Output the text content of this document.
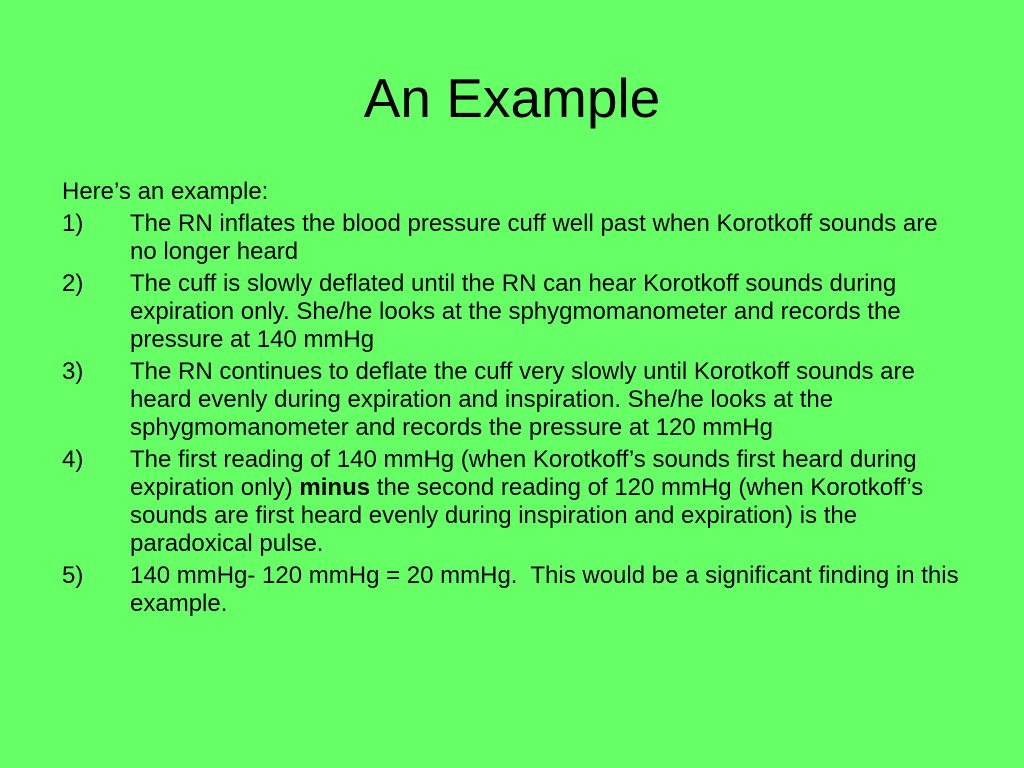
An Example
Here’s an example:
1)	The RN inflates the blood pressure cuff well past when Korotkoff sounds are no longer heard
2)	The cuff is slowly deflated until the RN can hear Korotkoff sounds during expiration only. She/he looks at the sphygmomanometer and records the pressure at 140 mmHg
3)	The RN continues to deflate the cuff very slowly until Korotkoff sounds are heard evenly during expiration and inspiration. She/he looks at the sphygmomanometer and records the pressure at 120 mmHg
4)	The first reading of 140 mmHg (when Korotkoff’s sounds first heard during expiration only) minus the second reading of 120 mmHg (when Korotkoff’s sounds are first heard evenly during inspiration and expiration) is the paradoxical pulse.
5)	140 mmHg- 120 mmHg = 20 mmHg.  This would be a significant finding in this example.
